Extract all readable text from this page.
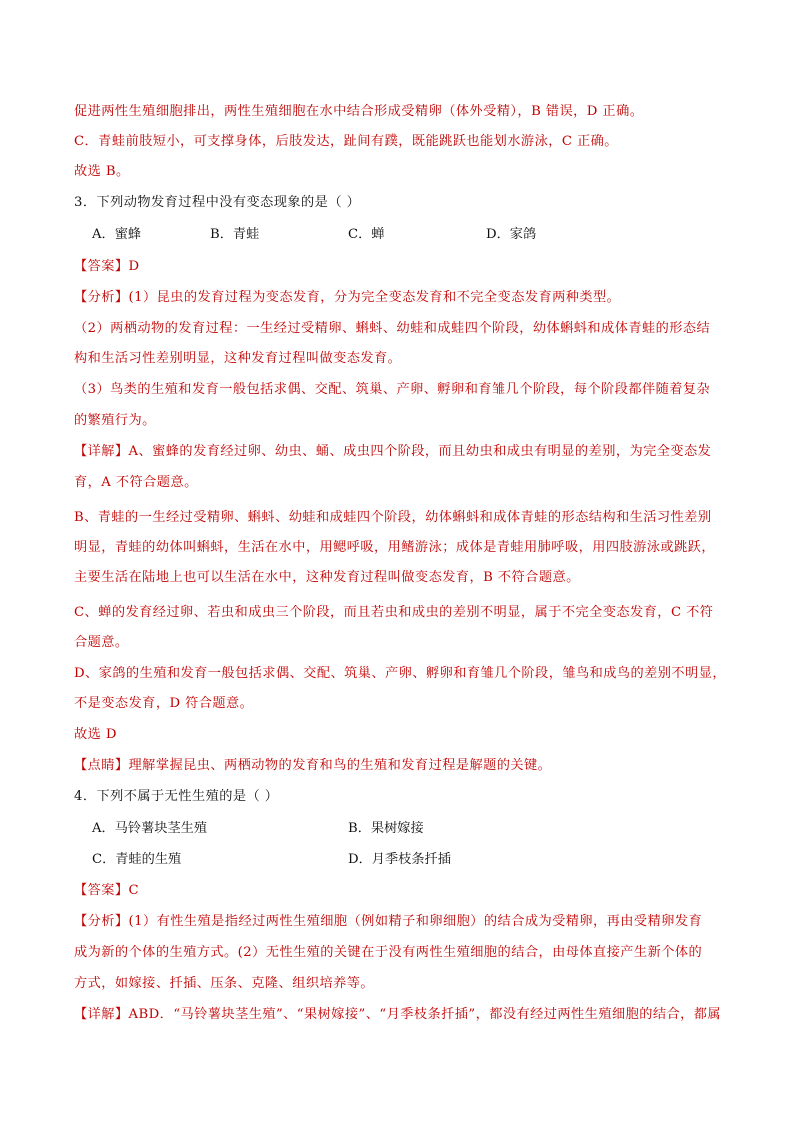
促进两性生殖细胞排出，两性生殖细胞在水中结合形成受精卵（体外受精），B 错误，D 正确。
C．青蛙前肢短小，可支撑身体，后肢发达，趾间有蹼，既能跳跃也能划水游泳，C 正确。
故选 B。
3．下列动物发育过程中没有变态现象的是（ ）
A．蜜蜂	B．青蛙	C．蝉	D．家鸽
【答案】D
【分析】(1）昆虫的发育过程为变态发育，分为完全变态发育和不完全变态发育两种类型。
（2）两栖动物的发育过程：一生经过受精卵、蝌蚪、幼蛙和成蛙四个阶段，幼体蝌蚪和成体青蛙的形态结
构和生活习性差别明显，这种发育过程叫做变态发育。
（3）鸟类的生殖和发育一般包括求偶、交配、筑巢、产卵、孵卵和育雏几个阶段，每个阶段都伴随着复杂
的繁殖行为。
【详解】A、蜜蜂的发育经过卵、幼虫、蛹、成虫四个阶段，而且幼虫和成虫有明显的差别，为完全变态发
育，A 不符合题意。
B、青蛙的一生经过受精卵、蝌蚪、幼蛙和成蛙四个阶段，幼体蝌蚪和成体青蛙的形态结构和生活习性差别
明显，青蛙的幼体叫蝌蚪，生活在水中，用鳃呼吸，用鳍游泳；成体是青蛙用肺呼吸，用四肢游泳或跳跃，
主要生活在陆地上也可以生活在水中，这种发育过程叫做变态发育，B 不符合题意。
C、蝉的发育经过卵、若虫和成虫三个阶段，而且若虫和成虫的差别不明显，属于不完全变态发育，C 不符
合题意。
D、家鸽的生殖和发育一般包括求偶、交配、筑巢、产卵、孵卵和育雏几个阶段，雏鸟和成鸟的差别不明显，
不是变态发育，D 符合题意。
故选 D
【点睛】理解掌握昆虫、两栖动物的发育和鸟的生殖和发育过程是解题的关键。
4．下列不属于无性生殖的是（ ）
A．马铃薯块茎生殖	B．果树嫁接
C．青蛙的生殖	D．月季枝条扦插
【答案】C
【分析】(1）有性生殖是指经过两性生殖细胞（例如精子和卵细胞）的结合成为受精卵，再由受精卵发育
成为新的个体的生殖方式。(2）无性生殖的关键在于没有两性生殖细胞的结合，由母体直接产生新个体的
方式，如嫁接、扦插、压条、克隆、组织培养等。
【详解】ABD．“马铃薯块茎生殖”、“果树嫁接”、“月季枝条扦插”，都没有经过两性生殖细胞的结合，都属
